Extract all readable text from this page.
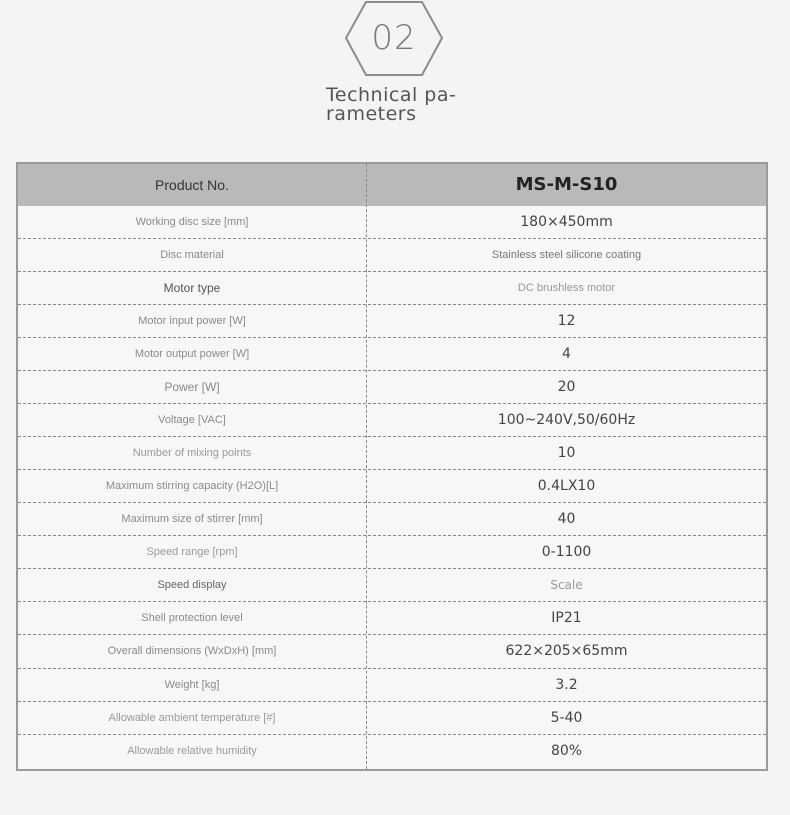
02
Technical pa-
rameters
Product No.	MS-M-S10
Working disc size [mm]	180×450mm
Disc material	Stainless steel silicone coating
Motor type	DC brushless motor
Motor input power [W]	12
Motor output power [W]	4
Power [W]	20
Voltage [VAC]	100~240V,50/60Hz
Number of mixing points	10
Maximum stirring capacity (H2O)[L]	0.4LX10
Maximum size of stirrer [mm]	40
Speed range [rpm]	0-1100
Speed display	Scale
Shell protection level	IP21
Overall dimensions (WxDxH) [mm]	622×205×65mm
Weight [kg]	3.2
Allowable ambient temperature [#]	5-40
Allowable relative humidity	80%
